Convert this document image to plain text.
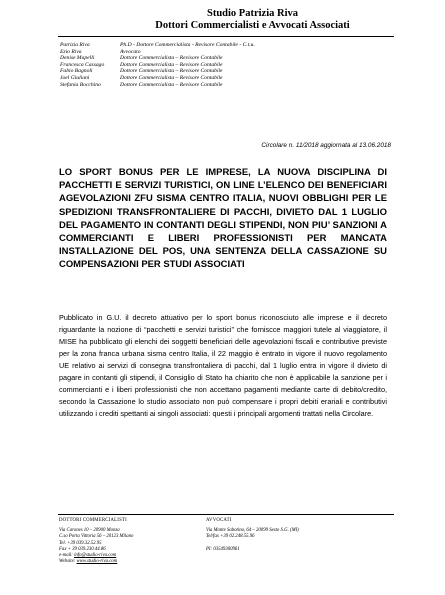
Studio Patrizia Riva
Dottori Commercialisti e Avvocati Associati
Patrizia Riva	Ph.D - Dottore Commercialista - Revisore Contabile - C.t.u.
Ezio Riva	Avvocato
Denise Mapelli	Dottore Commercialista – Revisore Contabile
Francesca Cassago	Dottore Commercialista – Revisore Contabile
Fabio Bagnoli	Dottore Commercialista – Revisore Contabile
Joel Giuliani	Dottore Commercialista – Revisore Contabile
Stefania Bocchino	Dottore Commercialista – Revisore Contabile
Circolare n. 11/2018 aggiornata al 13.06.2018
LO SPORT BONUS PER LE IMPRESE, LA NUOVA DISCIPLINA DI PACCHETTI E SERVIZI TURISTICI, ON LINE L’ELENCO DEI BENEFICIARI AGEVOLAZIONI ZFU SISMA CENTRO ITALIA, NUOVI OBBLIGHI PER LE SPEDIZIONI TRANSFRONTALIERE DI PACCHI, DIVIETO DAL 1 LUGLIO DEL PAGAMENTO IN CONTANTI DEGLI STIPENDI, NON PIU’ SANZIONI A COMMERCIANTI E LIBERI PROFESSIONISTI PER MANCATA INSTALLAZIONE DEL POS, UNA SENTENZA DELLA CASSAZIONE SU COMPENSAZIONI PER STUDI ASSOCIATI
Pubblicato in G.U. il decreto attuativo per lo sport bonus riconosciuto alle imprese e il decreto riguardante la nozione di “pacchetti e servizi turistici” che forniscce maggiori tutele al viaggiatore, il MISE ha pubblicato gli elenchi dei soggetti beneficiari delle agevolazioni fiscali e contributive previste per la zona franca urbana sisma centro Italia, il 22 maggio è entrato in vigore il nuovo regolamento UE relativo ai servizi di consegna transfrontaliera di pacchi, dal 1 luglio entra in vigore il divieto di pagare in contanti gli stipendi, il Consiglio di Stato ha chiarito che non è applicabile la sanzione per i commercianti e i liberi professionisti che non accettano pagamenti mediante carte di debito/credito, secondo la Cassazione lo studio associato non può compensare i propri debiti erariali e contributivi utilizzando i crediti spettanti ai singoli associati: questi i principali argomenti trattati nella Circolare.
DOTTORI COMMERCIALISTI
Via Carones 10 – 20900 Monza
C.so Porta Vittoria 56 – 20123 Milano
Tel. +39 039.32.52.95
Fax + 39 039.230.44.86
e-mail: info@studio-riva.com
Website: www.studio-riva.com
AVVOCATI
Via Monte Sabotino, 64 – 20099 Sesto S.G. (MI)
Tel/fax +39 02.248.55.96
PI: 03549300961
